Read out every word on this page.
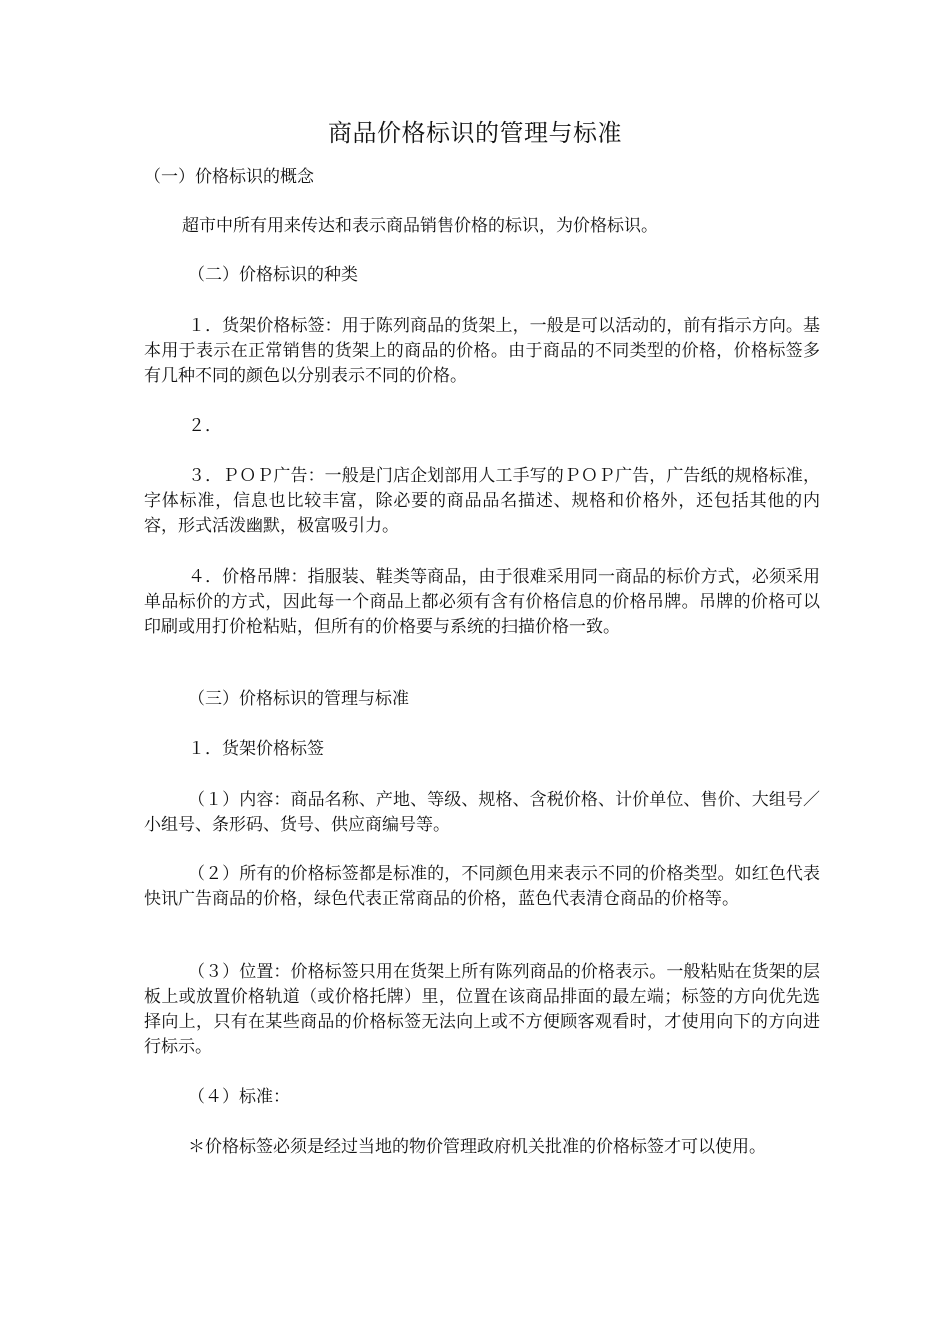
商品价格标识的管理与标准

（一）价格标识的概念

超市中所有用来传达和表示商品销售价格的标识，为价格标识。

（二）价格标识的种类

１．货架价格标签：用于陈列商品的货架上，一般是可以活动的，前有指示方向。基本用于表示在正常销售的货架上的商品的价格。由于商品的不同类型的价格，价格标签多有几种不同的颜色以分别表示不同的价格。

２．

３．ＰＯＰ广告：一般是门店企划部用人工手写的ＰＯＰ广告，广告纸的规格标准，字体标准，信息也比较丰富，除必要的商品品名描述、规格和价格外，还包括其他的内容，形式活泼幽默，极富吸引力。

４．价格吊牌：指服装、鞋类等商品，由于很难采用同一商品的标价方式，必须采用单品标价的方式，因此每一个商品上都必须有含有价格信息的价格吊牌。吊牌的价格可以印刷或用打价枪粘贴，但所有的价格要与系统的扫描价格一致。

（三）价格标识的管理与标准

１．货架价格标签

（１）内容：商品名称、产地、等级、规格、含税价格、计价单位、售价、大组号／小组号、条形码、货号、供应商编号等。

（２）所有的价格标签都是标准的，不同颜色用来表示不同的价格类型。如红色代表快讯广告商品的价格，绿色代表正常商品的价格，蓝色代表清仓商品的价格等。

（３）位置：价格标签只用在货架上所有陈列商品的价格表示。一般粘贴在货架的层板上或放置价格轨道（或价格托牌）里，位置在该商品排面的最左端；标签的方向优先选择向上，只有在某些商品的价格标签无法向上或不方便顾客观看时，才使用向下的方向进行标示。

（４）标准：

＊价格标签必须是经过当地的物价管理政府机关批准的价格标签才可以使用。
